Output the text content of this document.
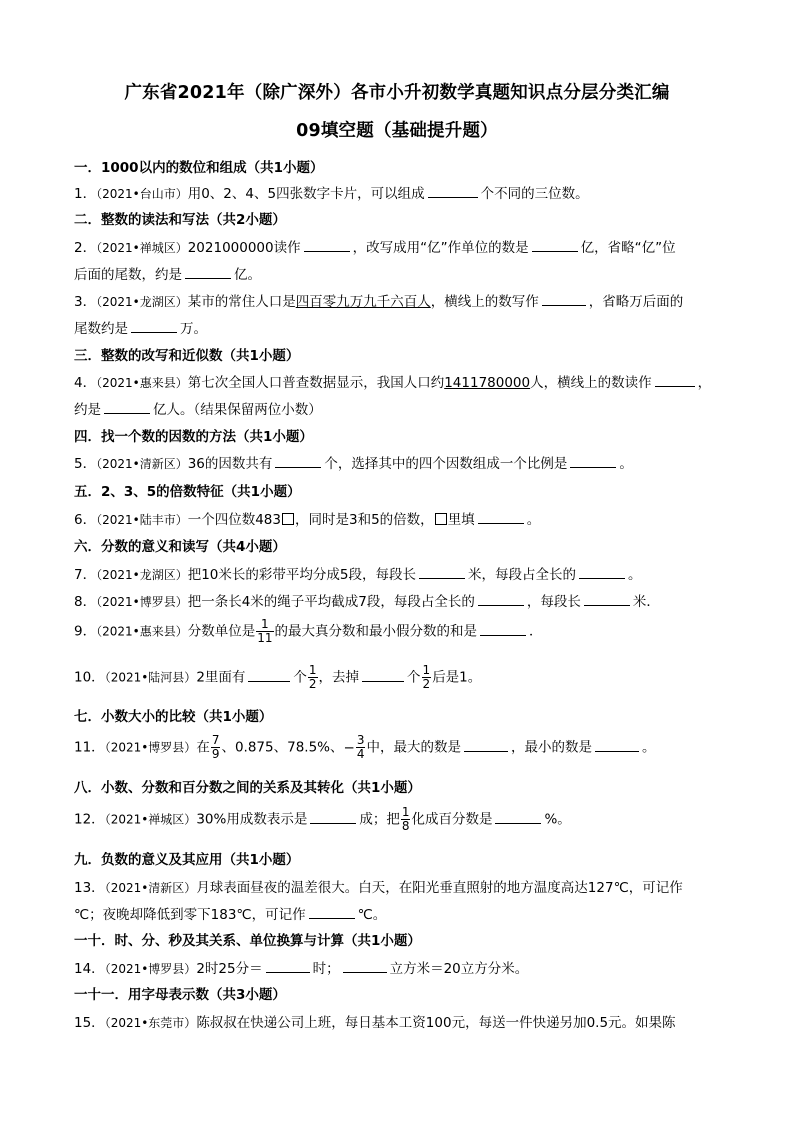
广东省2021年（除广深外）各市小升初数学真题知识点分层分类汇编
09填空题（基础提升题）
一．1000以内的数位和组成（共1小题）
1．（2021•台山市）用0、2、4、5四张数字卡片，可以组成	个不同的三位数。
二．整数的读法和写法（共2小题）
2．（2021•禅城区）2021000000读作	，改写成用“亿”作单位的数是	亿，省略“亿”位
后面的尾数，约是	亿。
3．（2021•龙湖区）某市的常住人口是四百零九万九千六百人，横线上的数写作	，省略万后面的
尾数约是	万。
三．整数的改写和近似数（共1小题）
4．（2021•惠来县）第七次全国人口普查数据显示，我国人口约1411780000人，横线上的数读作	，
约是	亿人。（结果保留两位小数）
四．找一个数的因数的方法（共1小题）
5．（2021•清新区）36的因数共有	个，选择其中的四个因数组成一个比例是	。
五．2、3、5的倍数特征（共1小题）
6．（2021•陆丰市）一个四位数483 ，同时是3和5的倍数， 里填	。
六．分数的意义和读写（共4小题）
7．（2021•龙湖区）把10米长的彩带平均分成5段，每段长	米，每段占全长的	。
8．（2021•博罗县）把一条长4米的绳子平均截成7段，每段占全长的	，每段长	米．
9．（2021•惠来县）分数单位是 $\frac{1}{11}$ 的最大真分数和最小假分数的和是	．
10．（2021•陆河县）2里面有	个 $\frac{1}{2}$ ，去掉	个 $\frac{1}{2}$ 后是1。
七．小数大小的比较（共1小题）
11．（2021•博罗县）在 $\frac{7}{9}$ 、0.875、78.5%、− $\frac{3}{4}$ 中，最大的数是	，最小的数是	。
八．小数、分数和百分数之间的关系及其转化（共1小题）
12．（2021•禅城区）30%用成数表示是	成；把 $\frac{1}{8}$ 化成百分数是	%。
九．负数的意义及其应用（共1小题）
13．（2021•清新区）月球表面昼夜的温差很大。白天，在阳光垂直照射的地方温度高达127℃，可记作
℃；夜晚却降低到零下183℃，可记作	℃。
一十．时、分、秒及其关系、单位换算与计算（共1小题）
14．（2021•博罗县）2时25分＝	时；	立方米＝20立方分米。
一十一．用字母表示数（共3小题）
15．（2021•东莞市）陈叔叔在快递公司上班，每日基本工资100元，每送一件快递另加0.5元。如果陈
